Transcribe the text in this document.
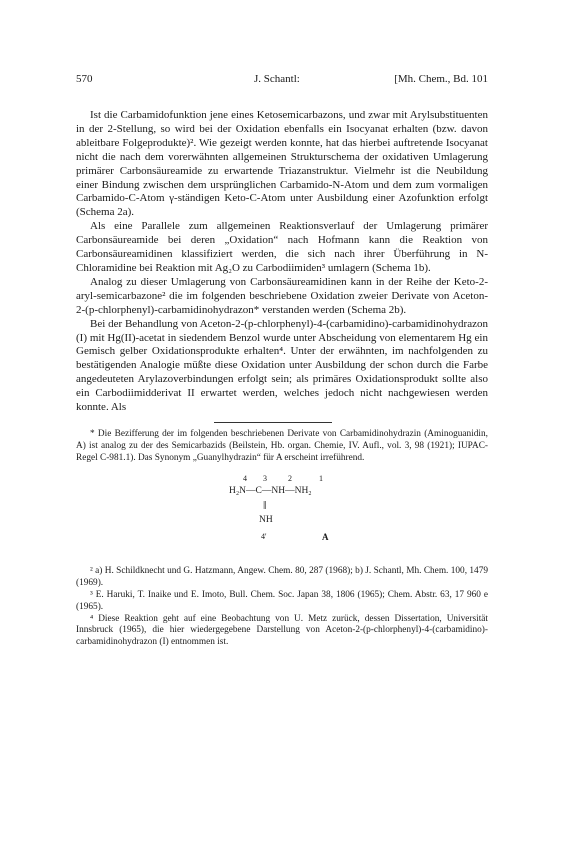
570	J. Schantl:	[Mh. Chem., Bd. 101

Ist die Carbamidofunktion jene eines Ketosemicarbazons, und zwar mit Arylsubstituenten in der 2-Stellung, so wird bei der Oxidation ebenfalls ein Isocyanat erhalten (bzw. davon ableitbare Folgeprodukte)². Wie gezeigt werden konnte, hat das hierbei auftretende Isocyanat nicht die nach dem vorerwähnten allgemeinen Strukturschema der oxidativen Umlagerung primärer Carbonsäureamide zu erwartende Triazanstruktur. Vielmehr ist die Neubildung einer Bindung zwischen dem ursprünglichen Carbamido-N-Atom und dem zum vormaligen Carbamido-C-Atom γ-ständigen Keto-C-Atom unter Ausbildung einer Azofunktion erfolgt (Schema 2a).

Als eine Parallele zum allgemeinen Reaktionsverlauf der Umlagerung primärer Carbonsäureamide bei deren „Oxidation“ nach Hofmann kann die Reaktion von Carbonsäureamidinen klassifiziert werden, die sich nach ihrer Überführung in N-Chloramidine bei Reaktion mit Ag₂O zu Carbodiimiden³ umlagern (Schema 1b).

Analog zu dieser Umlagerung von Carbonsäureamidinen kann in der Reihe der Keto-2-aryl-semicarbazone² die im folgenden beschriebene Oxidation zweier Derivate von Aceton-2-(p-chlorphenyl)-carbamidinohydrazon* verstanden werden (Schema 2b).

Bei der Behandlung von Aceton-2-(p-chlorphenyl)-4-(carbamidino)-carbamidinohydrazon (I) mit Hg(II)-acetat in siedendem Benzol wurde unter Abscheidung von elementarem Hg ein Gemisch gelber Oxidationsprodukte erhalten⁴. Unter der erwähnten, im nachfolgenden zu bestätigenden Analogie müßte diese Oxidation unter Ausbildung der schon durch die Farbe angedeuteten Arylazoverbindungen erfolgt sein; als primäres Oxidationsprodukt sollte also ein Carbodiimidderivat II erwartet werden, welches jedoch nicht nachgewiesen werden konnte. Als

* Die Bezifferung der im folgenden beschriebenen Derivate von Carbamidinohydrazin (Aminoguanidin, A) ist analog zu der des Semicarbazids (Beilstein, Hb. organ. Chemie, IV. Aufl., vol. 3, 98 (1921); IUPAC-Regel C-981.1). Das Synonym „Guanylhydrazin“ für A erscheint irreführend.

4 3	2	1
H₂N—C—NH—NH₂
‖
NH
4'	A

² a) H. Schildknecht und G. Hatzmann, Angew. Chem. 80, 287 (1968); b) J. Schantl, Mh. Chem. 100, 1479 (1969).

³ E. Haruki, T. Inaike und E. Imoto, Bull. Chem. Soc. Japan 38, 1806 (1965); Chem. Abstr. 63, 17 960 e (1965).

⁴ Diese Reaktion geht auf eine Beobachtung von U. Metz zurück, dessen Dissertation, Universität Innsbruck (1965), die hier wiedergegebene Darstellung von Aceton-2-(p-chlorphenyl)-4-(carbamidino)-carbamidinohydrazon (I) entnommen ist.
